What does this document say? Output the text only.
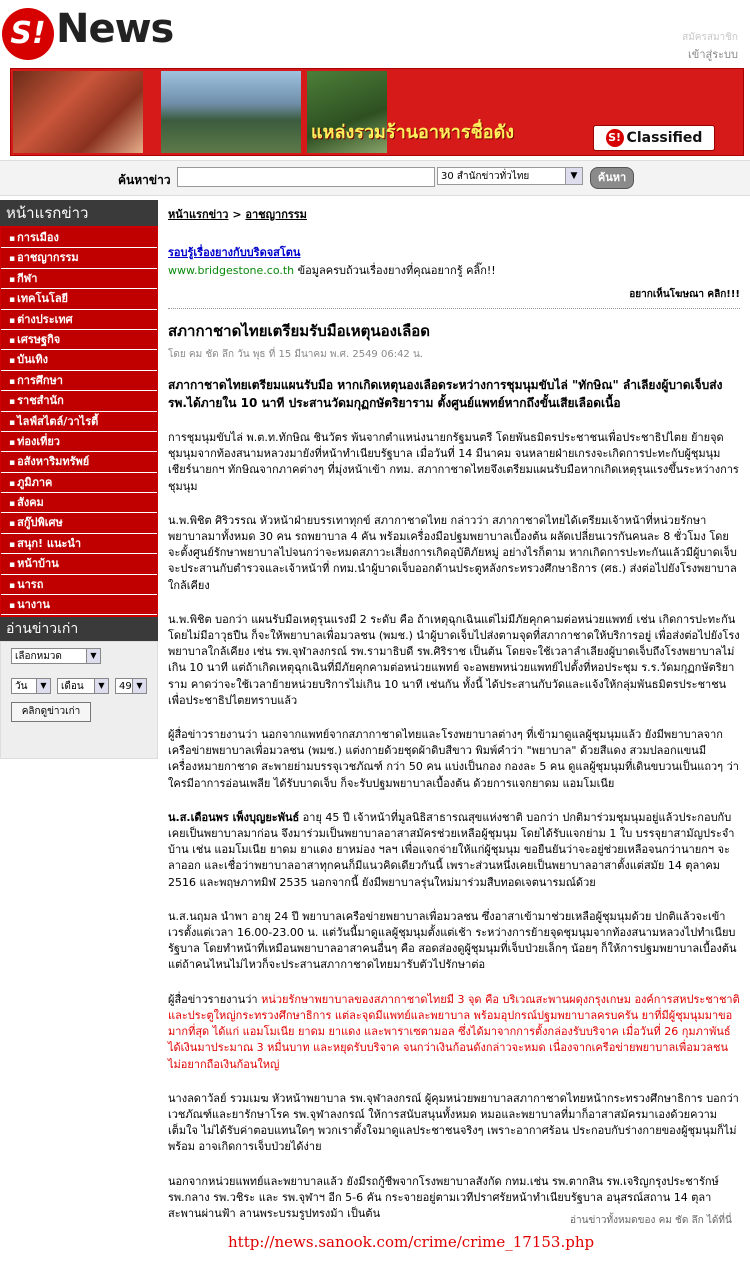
S! News	สมัครสมาชิก
เข้าสู่ระบบ
แหล่งรวมร้านอาหารชื่อดัง	S! Classified
ค้นหาข่าว	30 สำนักข่าวทั่วไทย	▼	ค้นหา
หน้าแรกข่าว
▪ การเมือง
▪ อาชญากรรม
▪ กีฬา
▪ เทคโนโลยี
▪ ต่างประเทศ
▪ เศรษฐกิจ
▪ บันเทิง
▪ การศึกษา
▪ ราชสำนัก
▪ ไลฟ์สไตล์/วาไรตี้
▪ ท่องเที่ยว
▪ อสังหาริมทรัพย์
▪ ภูมิภาค
▪ สังคม
▪ สกู๊ปพิเศษ
▪ สนุก! แนะนำ
▪ หน้าบ้าน
▪ นารถ
▪ นางาน
อ่านข่าวเก่า
เลือกหมวด	▼
วัน	▼	เดือน	▼	49 ▼
คลิกดูข่าวเก่า
หน้าแรกข่าว > อาชญากรรม
รอบรู้เรื่องยางกับบริดจสโตน
www.bridgestone.co.th ข้อมูลครบถ้วนเรื่องยางที่คุณอยากรู้ คลิ๊ก!!
อยากเห็นโฆษณา คลิก!!!
สภากาชาดไทยเตรียมรับมือเหตุนองเลือด
โดย คม ชัด ลึก วัน พุธ ที่ 15 มีนาคม พ.ศ. 2549 06:42 น.
สภากาชาดไทยเตรียมแผนรับมือ หากเกิดเหตุนองเลือดระหว่างการชุมนุมขับไล่ "ทักษิณ" ลำเลียงผู้บาดเจ็บส่ง รพ.ได้ภายใน 10 นาที ประสานวัดมกุฏกษัตริยาราม ตั้งศูนย์แพทย์หากถึงขั้นเสียเลือดเนื้อ
การชุมนุมขับไล่ พ.ต.ท.ทักษิณ ชินวัตร พ้นจากตำแหน่งนายกรัฐมนตรี โดยพันธมิตรประชาชนเพื่อประชาธิปไตย ย้ายจุดชุมนุมจากท้องสนามหลวงมายังที่หน้าทำเนียบรัฐบาล เมื่อวันที่ 14 มีนาคม จนหลายฝ่ายเกรงจะเกิดการปะทะกับผู้ชุมนุมเชียร์นายกฯ ทักษิณจากภาคต่างๆ ที่มุ่งหน้าเข้า กทม. สภากาชาดไทยจึงเตรียมแผนรับมือหากเกิดเหตุรุนแรงขึ้นระหว่างการชุมนุม
น.พ.พิชิต ศิริวรรณ หัวหน้าฝ่ายบรรเทาทุกข์ สภากาชาดไทย กล่าวว่า สภากาชาดไทยได้เตรียมเจ้าหน้าที่หน่วยรักษาพยาบาลมาทั้งหมด 30 คน รถพยาบาล 4 คัน พร้อมเครื่องมือปฐมพยาบาลเบื้องต้น ผลัดเปลี่ยนเวรกันคนละ 8 ชั่วโมง โดยจะตั้งศูนย์รักษาพยาบาลไปจนกว่าจะหมดสภาวะเสี่ยงการเกิดอุบัติภัยหมู่ อย่างไรก็ตาม หากเกิดการปะทะกันแล้วมีผู้บาดเจ็บจะประสานกับตำรวจและเจ้าหน้าที่ กทม.นำผู้บาดเจ็บออกด้านประตูหลังกระทรวงศึกษาธิการ (ศธ.) ส่งต่อไปยังโรงพยาบาลใกล้เคียง
น.พ.พิชิต บอกว่า แผนรับมือเหตุรุนแรงมี 2 ระดับ คือ ถ้าเหตุฉุกเฉินแต่ไม่มีภัยคุกคามต่อหน่วยแพทย์ เช่น เกิดการปะทะกันโดยไม่มีอาวุธปืน ก็จะให้พยาบาลเพื่อมวลชน (พมช.) นำผู้บาดเจ็บไปส่งตามจุดที่สภากาชาดให้บริการอยู่ เพื่อส่งต่อไปยังโรงพยาบาลใกล้เคียง เช่น รพ.จุฬาลงกรณ์ รพ.รามาธิบดี รพ.ศิริราช เป็นต้น โดยจะใช้เวลาลำเลียงผู้บาดเจ็บถึงโรงพยาบาลไม่เกิน 10 นาที แต่ถ้าเกิดเหตุฉุกเฉินที่มีภัยคุกคามต่อหน่วยแพทย์ จะอพยพหน่วยแพทย์ไปตั้งที่หอประชุม ร.ร.วัดมกุฏกษัตริยาราม คาดว่าจะใช้เวลาย้ายหน่วยบริการไม่เกิน 10 นาที เช่นกัน ทั้งนี้ ได้ประสานกับวัดและแจ้งให้กลุ่มพันธมิตรประชาชนเพื่อประชาธิปไตยทราบแล้ว
ผู้สื่อข่าวรายงานว่า นอกจากแพทย์จากสภากาชาดไทยและโรงพยาบาลต่างๆ ที่เข้ามาดูแลผู้ชุมนุมแล้ว ยังมีพยาบาลจากเครือข่ายพยาบาลเพื่อมวลชน (พมช.) แต่งกายด้วยชุดผ้าดิบสีขาว พิมพ์คำว่า "พยาบาล" ด้วยสีแดง สวมปลอกแขนมีเครื่องหมายกาชาด สะพายย่ามบรรจุเวชภัณฑ์ กว่า 50 คน แบ่งเป็นกอง กองละ 5 คน ดูแลผู้ชุมนุมที่เดินขบวนเป็นแถวๆ ว่าใครมีอาการอ่อนเพลีย ได้รับบาดเจ็บ ก็จะรับปฐมพยาบาลเบื้องต้น ด้วยการแจกยาดม แอมโมเนีย
น.ส.เดือนพร เพ็งบุญยะพันธ์ อายุ 45 ปี เจ้าหน้าที่มูลนิธิสาธารณสุขแห่งชาติ บอกว่า ปกติมาร่วมชุมนุมอยู่แล้วประกอบกับเคยเป็นพยาบาลมาก่อน จึงมาร่วมเป็นพยาบาลอาสาสมัครช่วยเหลือผู้ชุมนุม โดยได้รับแจกย่าม 1 ใบ บรรจุยาสามัญประจำบ้าน เช่น แอมโมเนีย ยาดม ยาแดง ยาหม่อง ฯลฯ เพื่อแจกจ่ายให้แก่ผู้ชุมนุม ขอยืนยันว่าจะอยู่ช่วยเหลือจนกว่านายกฯ จะลาออก และเชื่อว่าพยาบาลอาสาทุกคนก็มีแนวคิดเดียวกันนี้ เพราะส่วนหนึ่งเคยเป็นพยาบาลอาสาตั้งแต่สมัย 14 ตุลาคม 2516 และพฤษภาทมิฬ 2535 นอกจากนี้ ยังมีพยาบาลรุ่นใหม่มาร่วมสืบทอดเจตนารมณ์ด้วย
น.ส.นฤมล นำพา อายุ 24 ปี พยาบาลเครือข่ายพยาบาลเพื่อมวลชน ซึ่งอาสาเข้ามาช่วยเหลือผู้ชุมนุมด้วย ปกติแล้วจะเข้าเวรตั้งแต่เวลา 16.00-23.00 น. แต่วันนี้มาดูแลผู้ชุมนุมตั้งแต่เช้า ระหว่างการย้ายจุดชุมนุมจากท้องสนามหลวงไปทำเนียบรัฐบาล โดยทำหน้าที่เหมือนพยาบาลอาสาคนอื่นๆ คือ สอดส่องดูผู้ชุมนุมที่เจ็บป่วยเล็กๆ น้อยๆ ก็ให้การปฐมพยาบาลเบื้องต้น แต่ถ้าคนไหนไม่ไหวก็จะประสานสภากาชาดไทยมารับตัวไปรักษาต่อ
ผู้สื่อข่าวรายงานว่า หน่วยรักษาพยาบาลของสภากาชาดไทยมี 3 จุด คือ บริเวณสะพานผดุงกรุงเกษม องค์การสหประชาชาติ และประตูใหญ่กระทรวงศึกษาธิการ แต่ละจุดมีแพทย์และพยาบาล พร้อมอุปกรณ์ปฐมพยาบาลครบครัน ยาที่มีผู้ชุมนุมมาขอมากที่สุด ได้แก่ แอมโมเนีย ยาดม ยาแดง และพาราเซตามอล ซึ่งได้มาจากการตั้งกล่องรับบริจาค เมื่อวันที่ 26 กุมภาพันธ์ ได้เงินมาประมาณ 3 หมื่นบาท และหยุดรับบริจาค จนกว่าเงินก้อนดังกล่าวจะหมด เนื่องจากเครือข่ายพยาบาลเพื่อมวลชนไม่อยากถือเงินก้อนใหญ่
นางลดาวัลย์ รวมเมฆ หัวหน้าพยาบาล รพ.จุฬาลงกรณ์ ผู้คุมหน่วยพยาบาลสภากาชาดไทยหน้ากระทรวงศึกษาธิการ บอกว่า เวชภัณฑ์และยารักษาโรค รพ.จุฬาลงกรณ์ ให้การสนับสนุนทั้งหมด หมอและพยาบาลที่มาก็อาสาสมัครมาเองด้วยความเต็มใจ ไม่ได้รับค่าตอบแทนใดๆ พวกเราตั้งใจมาดูแลประชาชนจริงๆ เพราะอากาศร้อน ประกอบกับร่างกายของผู้ชุมนุมก็ไม่พร้อม อาจเกิดการเจ็บป่วยได้ง่าย
นอกจากหน่วยแพทย์และพยาบาลแล้ว ยังมีรถกู้ชีพจากโรงพยาบาลสังกัด กทม.เช่น รพ.ตากสิน รพ.เจริญกรุงประชารักษ์ รพ.กลาง รพ.วชิระ และ รพ.จุฬาฯ อีก 5-6 คัน กระจายอยู่ตามเวทีปราศรัยหน้าทำเนียบรัฐบาล อนุสรณ์สถาน 14 ตุลา สะพานผ่านฟ้า ลานพระบรมรูปทรงม้า เป็นต้น
อ่านข่าวทั้งหมดของ คม ชัด ลึก ได้ที่นี่
http://news.sanook.com/crime/crime_17153.php
